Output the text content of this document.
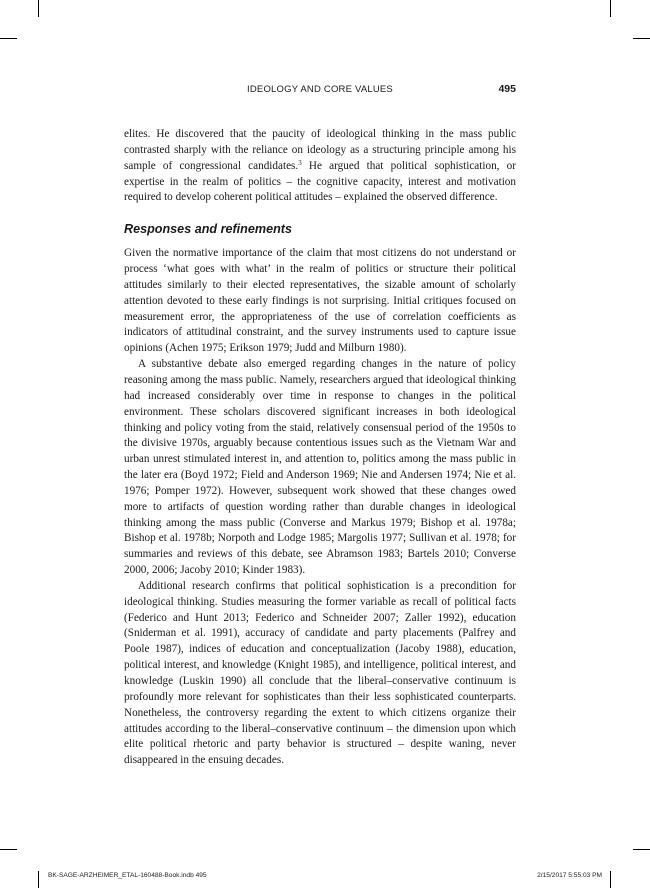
IDEOLOGY AND CORE VALUES	495

elites. He discovered that the paucity of ideological thinking in the mass public contrasted sharply with the reliance on ideology as a structuring principle among his sample of congressional candidates.$^3$ He argued that political sophistication, or expertise in the realm of politics – the cognitive capacity, interest and motivation required to develop coherent political attitudes – explained the observed difference.

Responses and refinements

Given the normative importance of the claim that most citizens do not understand or process ‘what goes with what’ in the realm of politics or structure their political attitudes similarly to their elected representatives, the sizable amount of scholarly attention devoted to these early findings is not surprising. Initial critiques focused on measurement error, the appropriateness of the use of correlation coefficients as indicators of attitudinal constraint, and the survey instruments used to capture issue opinions (Achen 1975; Erikson 1979; Judd and Milburn 1980).

A substantive debate also emerged regarding changes in the nature of policy reasoning among the mass public. Namely, researchers argued that ideological thinking had increased considerably over time in response to changes in the political environment. These scholars discovered significant increases in both ideological thinking and policy voting from the staid, relatively consensual period of the 1950s to the divisive 1970s, arguably because contentious issues such as the Vietnam War and urban unrest stimulated interest in, and attention to, politics among the mass public in the later era (Boyd 1972; Field and Anderson 1969; Nie and Andersen 1974; Nie et al. 1976; Pomper 1972). However, subsequent work showed that these changes owed more to artifacts of question wording rather than durable changes in ideological thinking among the mass public (Converse and Markus 1979; Bishop et al. 1978a; Bishop et al. 1978b; Norpoth and Lodge 1985; Margolis 1977; Sullivan et al. 1978; for summaries and reviews of this debate, see Abramson 1983; Bartels 2010; Converse 2000, 2006; Jacoby 2010; Kinder 1983).

Additional research confirms that political sophistication is a precondition for ideological thinking. Studies measuring the former variable as recall of political facts (Federico and Hunt 2013; Federico and Schneider 2007; Zaller 1992), education (Sniderman et al. 1991), accuracy of candidate and party placements (Palfrey and Poole 1987), indices of education and conceptualization (Jacoby 1988), education, political interest, and knowledge (Knight 1985), and intelligence, political interest, and knowledge (Luskin 1990) all conclude that the liberal–conservative continuum is profoundly more relevant for sophisticates than their less sophisticated counterparts. Nonetheless, the controversy regarding the extent to which citizens organize their attitudes according to the liberal–conservative continuum – the dimension upon which elite political rhetoric and party behavior is structured – despite waning, never disappeared in the ensuing decades.

BK-SAGE-ARZHEIMER_ETAL-160488-Book.indb 495	2/15/2017 5:55:03 PM
